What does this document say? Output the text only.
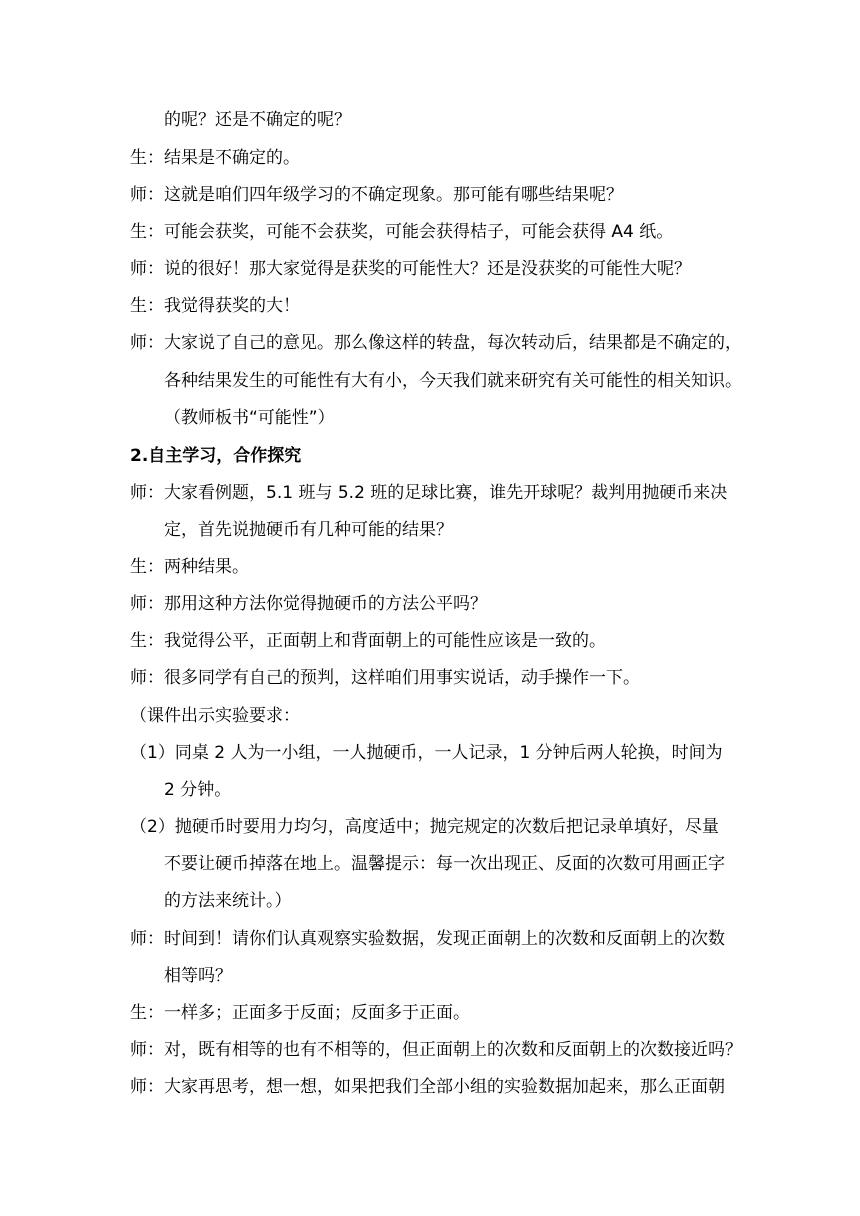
的呢？还是不确定的呢？
生：结果是不确定的。
师：这就是咱们四年级学习的不确定现象。那可能有哪些结果呢？
生：可能会获奖，可能不会获奖，可能会获得桔子，可能会获得 A4 纸。
师：说的很好！那大家觉得是获奖的可能性大？还是没获奖的可能性大呢？
生：我觉得获奖的大！
师：大家说了自己的意见。那么像这样的转盘，每次转动后，结果都是不确定的，
各种结果发生的可能性有大有小，今天我们就来研究有关可能性的相关知识。
（教师板书“可能性”）
2.自主学习，合作探究
师：大家看例题，5.1 班与 5.2 班的足球比赛，谁先开球呢？裁判用抛硬币来决
定，首先说抛硬币有几种可能的结果？
生：两种结果。
师：那用这种方法你觉得抛硬币的方法公平吗？
生：我觉得公平，正面朝上和背面朝上的可能性应该是一致的。
师：很多同学有自己的预判，这样咱们用事实说话，动手操作一下。
（课件出示实验要求：
（1）同桌 2 人为一小组，一人抛硬币，一人记录，1 分钟后两人轮换，时间为
2 分钟。
（2）抛硬币时要用力均匀，高度适中；抛完规定的次数后把记录单填好，尽量
不要让硬币掉落在地上。温馨提示：每一次出现正、反面的次数可用画正字
的方法来统计。）
师：时间到！请你们认真观察实验数据，发现正面朝上的次数和反面朝上的次数
相等吗？
生：一样多；正面多于反面；反面多于正面。
师：对，既有相等的也有不相等的，但正面朝上的次数和反面朝上的次数接近吗？
师：大家再思考，想一想，如果把我们全部小组的实验数据加起来，那么正面朝
